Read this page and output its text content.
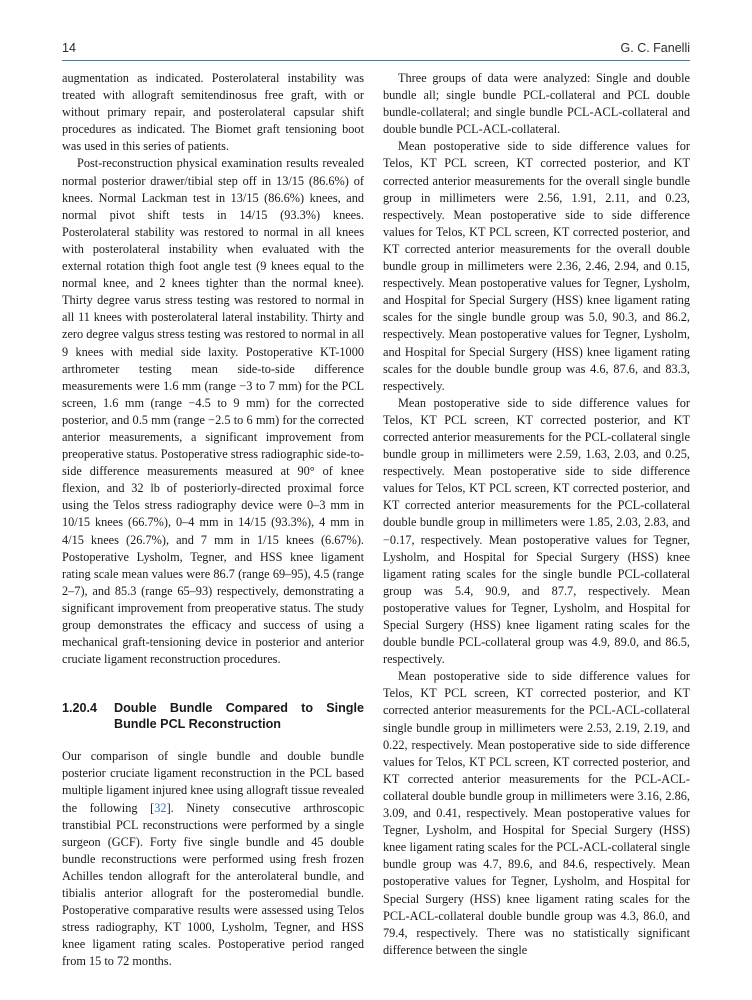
14	G. C. Fanelli

augmentation as indicated. Posterolateral instability was treated with allograft semitendinosus free graft, with or without primary repair, and posterolateral capsular shift procedures as indicated. The Biomet graft tensioning boot was used in this series of patients.

Post-reconstruction physical examination results revealed normal posterior drawer/tibial step off in 13/15 (86.6%) of knees. Normal Lackman test in 13/15 (86.6%) knees, and normal pivot shift tests in 14/15 (93.3%) knees. Posterolateral stability was restored to normal in all knees with posterolateral instability when evaluated with the external rotation thigh foot angle test (9 knees equal to the normal knee, and 2 knees tighter than the normal knee). Thirty degree varus stress testing was restored to normal in all 11 knees with posterolateral lateral instability. Thirty and zero degree valgus stress testing was restored to normal in all 9 knees with medial side laxity. Postoperative KT-1000 arthrometer testing mean side-to-side difference measurements were 1.6 mm (range −3 to 7 mm) for the PCL screen, 1.6 mm (range −4.5 to 9 mm) for the corrected posterior, and 0.5 mm (range −2.5 to 6 mm) for the corrected anterior measurements, a significant improvement from preoperative status. Postoperative stress radiographic side-to-side difference measurements measured at 90° of knee flexion, and 32 lb of posteriorly-directed proximal force using the Telos stress radiography device were 0–3 mm in 10/15 knees (66.7%), 0–4 mm in 14/15 (93.3%), 4 mm in 4/15 knees (26.7%), and 7 mm in 1/15 knees (6.67%). Postoperative Lysholm, Tegner, and HSS knee ligament rating scale mean values were 86.7 (range 69–95), 4.5 (range 2–7), and 85.3 (range 65–93) respectively, demonstrating a significant improvement from preoperative status. The study group demonstrates the efficacy and success of using a mechanical graft-tensioning device in posterior and anterior cruciate ligament reconstruction procedures.

1.20.4	Double Bundle Compared to Single Bundle PCL Reconstruction

Our comparison of single bundle and double bundle posterior cruciate ligament reconstruction in the PCL based multiple ligament injured knee using allograft tissue revealed the following [32]. Ninety consecutive arthroscopic transtibial PCL reconstructions were performed by a single surgeon (GCF). Forty five single bundle and 45 double bundle reconstructions were performed using fresh frozen Achilles tendon allograft for the anterolateral bundle, and tibialis anterior allograft for the posteromedial bundle. Postoperative comparative results were assessed using Telos stress radiography, KT 1000, Lysholm, Tegner, and HSS knee ligament rating scales. Postoperative period ranged from 15 to 72 months.

Three groups of data were analyzed: Single and double bundle all; single bundle PCL-collateral and PCL double bundle-collateral; and single bundle PCL-ACL-collateral and double bundle PCL-ACL-collateral.

Mean postoperative side to side difference values for Telos, KT PCL screen, KT corrected posterior, and KT corrected anterior measurements for the overall single bundle group in millimeters were 2.56, 1.91, 2.11, and 0.23, respectively. Mean postoperative side to side difference values for Telos, KT PCL screen, KT corrected posterior, and KT corrected anterior measurements for the overall double bundle group in millimeters were 2.36, 2.46, 2.94, and 0.15, respectively. Mean postoperative values for Tegner, Lysholm, and Hospital for Special Surgery (HSS) knee ligament rating scales for the single bundle group was 5.0, 90.3, and 86.2, respectively. Mean postoperative values for Tegner, Lysholm, and Hospital for Special Surgery (HSS) knee ligament rating scales for the double bundle group was 4.6, 87.6, and 83.3, respectively.

Mean postoperative side to side difference values for Telos, KT PCL screen, KT corrected posterior, and KT corrected anterior measurements for the PCL-collateral single bundle group in millimeters were 2.59, 1.63, 2.03, and 0.25, respectively. Mean postoperative side to side difference values for Telos, KT PCL screen, KT corrected posterior, and KT corrected anterior measurements for the PCL-collateral double bundle group in millimeters were 1.85, 2.03, 2.83, and −0.17, respectively. Mean postoperative values for Tegner, Lysholm, and Hospital for Special Surgery (HSS) knee ligament rating scales for the single bundle PCL-collateral group was 5.4, 90.9, and 87.7, respectively. Mean postoperative values for Tegner, Lysholm, and Hospital for Special Surgery (HSS) knee ligament rating scales for the double bundle PCL-collateral group was 4.9, 89.0, and 86.5, respectively.

Mean postoperative side to side difference values for Telos, KT PCL screen, KT corrected posterior, and KT corrected anterior measurements for the PCL-ACL-collateral single bundle group in millimeters were 2.53, 2.19, 2.19, and 0.22, respectively. Mean postoperative side to side difference values for Telos, KT PCL screen, KT corrected posterior, and KT corrected anterior measurements for the PCL-ACL-collateral double bundle group in millimeters were 3.16, 2.86, 3.09, and 0.41, respectively. Mean postoperative values for Tegner, Lysholm, and Hospital for Special Surgery (HSS) knee ligament rating scales for the PCL-ACL-collateral single bundle group was 4.7, 89.6, and 84.6, respectively. Mean postoperative values for Tegner, Lysholm, and Hospital for Special Surgery (HSS) knee ligament rating scales for the PCL-ACL-collateral double bundle group was 4.3, 86.0, and 79.4, respectively. There was no statistically significant difference between the single
